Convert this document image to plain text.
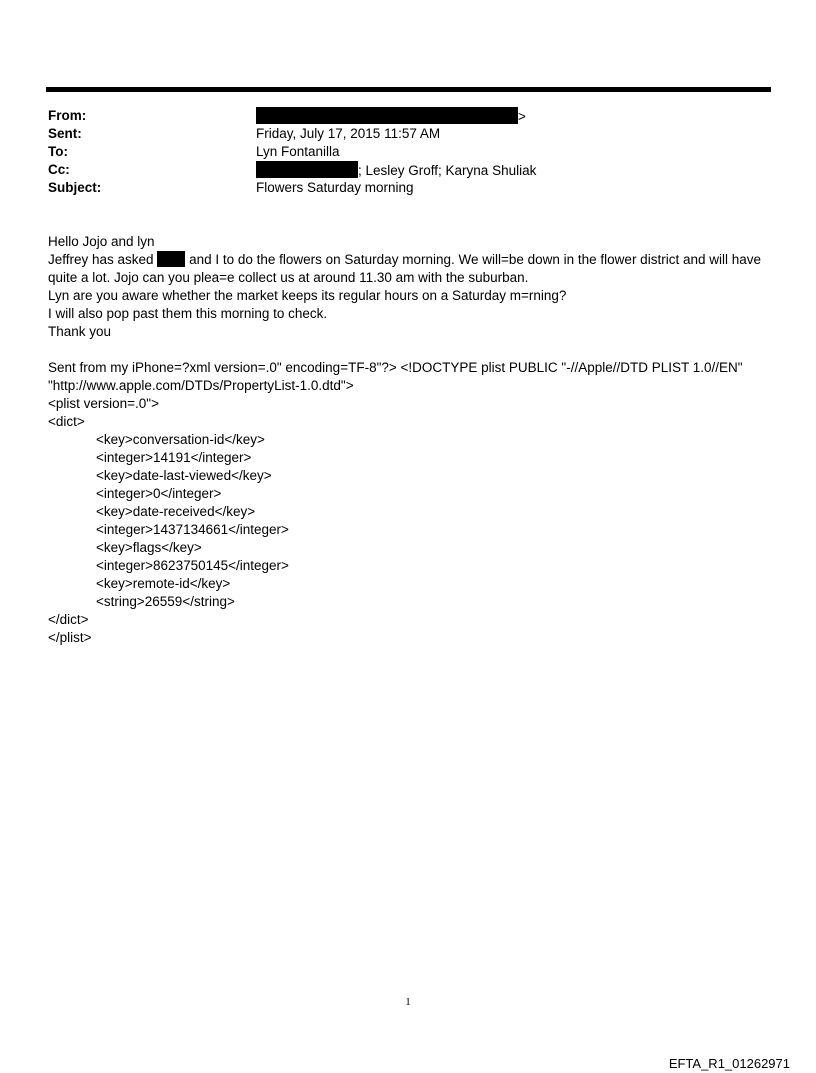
From:	>
Sent:	Friday, July 17, 2015 11:57 AM
To:	Lyn Fontanilla
Cc:	; Lesley Groff; Karyna Shuliak
Subject:	Flowers Saturday morning

Hello Jojo and lyn

Jeffrey has asked  and I to do the flowers on Saturday morning. We will=be down in the flower district and will have

quite a lot. Jojo can you plea=e collect us at around 11.30 am with the suburban.

Lyn are you aware whether the market keeps its regular hours on a Saturday m=rning?

I will also pop past them this morning to check.

Thank you

Sent from my iPhone=?xml version=.0" encoding=TF-8"?> <!DOCTYPE plist PUBLIC "-//Apple//DTD PLIST 1.0//EN"

"http://www.apple.com/DTDs/PropertyList-1.0.dtd">

<plist version=.0">

<dict>

<key>conversation-id</key>

<integer>14191</integer>

<key>date-last-viewed</key>

<integer>0</integer>

<key>date-received</key>

<integer>1437134661</integer>

<key>flags</key>

<integer>8623750145</integer>

<key>remote-id</key>

<string>26559</string>

</dict>

</plist>

1
EFTA_R1_01262971
